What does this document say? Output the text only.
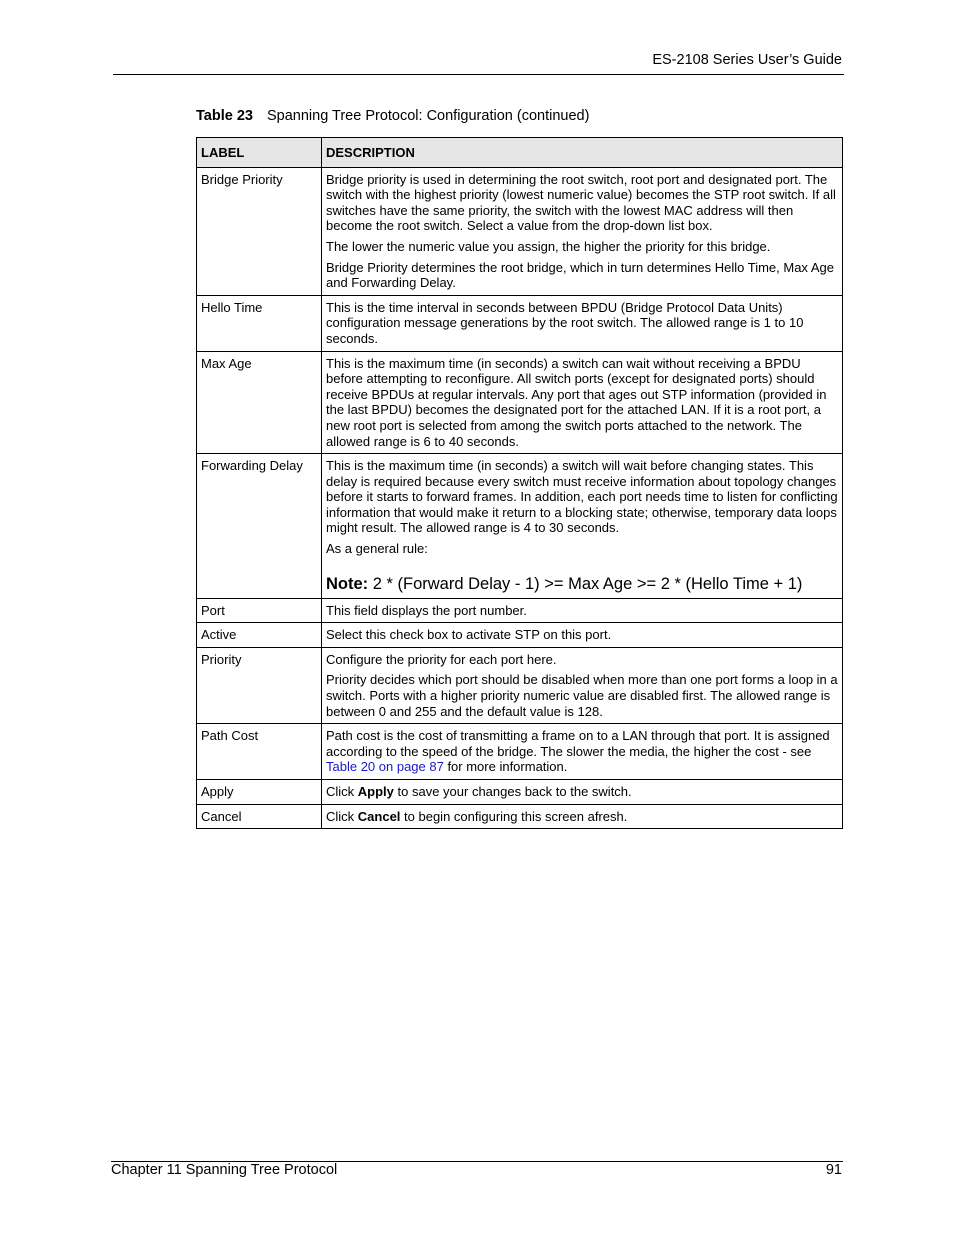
ES-2108 Series User’s Guide
Table 23 Spanning Tree Protocol: Configuration (continued)
LABEL	DESCRIPTION
Bridge Priority	Bridge priority is used in determining the root switch, root port and designated port. The switch with the highest priority (lowest numeric value) becomes the STP root switch. If all switches have the same priority, the switch with the lowest MAC address will then become the root switch. Select a value from the drop-down list box.

The lower the numeric value you assign, the higher the priority for this bridge.

Bridge Priority determines the root bridge, which in turn determines Hello Time, Max Age and Forwarding Delay.

Hello Time	This is the time interval in seconds between BPDU (Bridge Protocol Data Units) configuration message generations by the root switch. The allowed range is 1 to 10 seconds.

Max Age	This is the maximum time (in seconds) a switch can wait without receiving a BPDU before attempting to reconfigure. All switch ports (except for designated ports) should receive BPDUs at regular intervals. Any port that ages out STP information (provided in the last BPDU) becomes the designated port for the attached LAN. If it is a root port, a new root port is selected from among the switch ports attached to the network. The allowed range is 6 to 40 seconds.

Forwarding Delay	This is the maximum time (in seconds) a switch will wait before changing states. This delay is required because every switch must receive information about topology changes before it starts to forward frames. In addition, each port needs time to listen for conflicting information that would make it return to a blocking state; otherwise, temporary data loops might result. The allowed range is 4 to 30 seconds.

As a general rule:

Note: 2 * (Forward Delay - 1) >= Max Age >= 2 * (Hello Time + 1)

Port	This field displays the port number.

Active	Select this check box to activate STP on this port.

Priority	Configure the priority for each port here.

Priority decides which port should be disabled when more than one port forms a loop in a switch. Ports with a higher priority numeric value are disabled first. The allowed range is between 0 and 255 and the default value is 128.

Path Cost	Path cost is the cost of transmitting a frame on to a LAN through that port. It is assigned according to the speed of the bridge. The slower the media, the higher the cost - see Table 20 on page 87 for more information.

Apply	Click Apply to save your changes back to the switch.

Cancel	Click Cancel to begin configuring this screen afresh.

Chapter 11 Spanning Tree Protocol	91
